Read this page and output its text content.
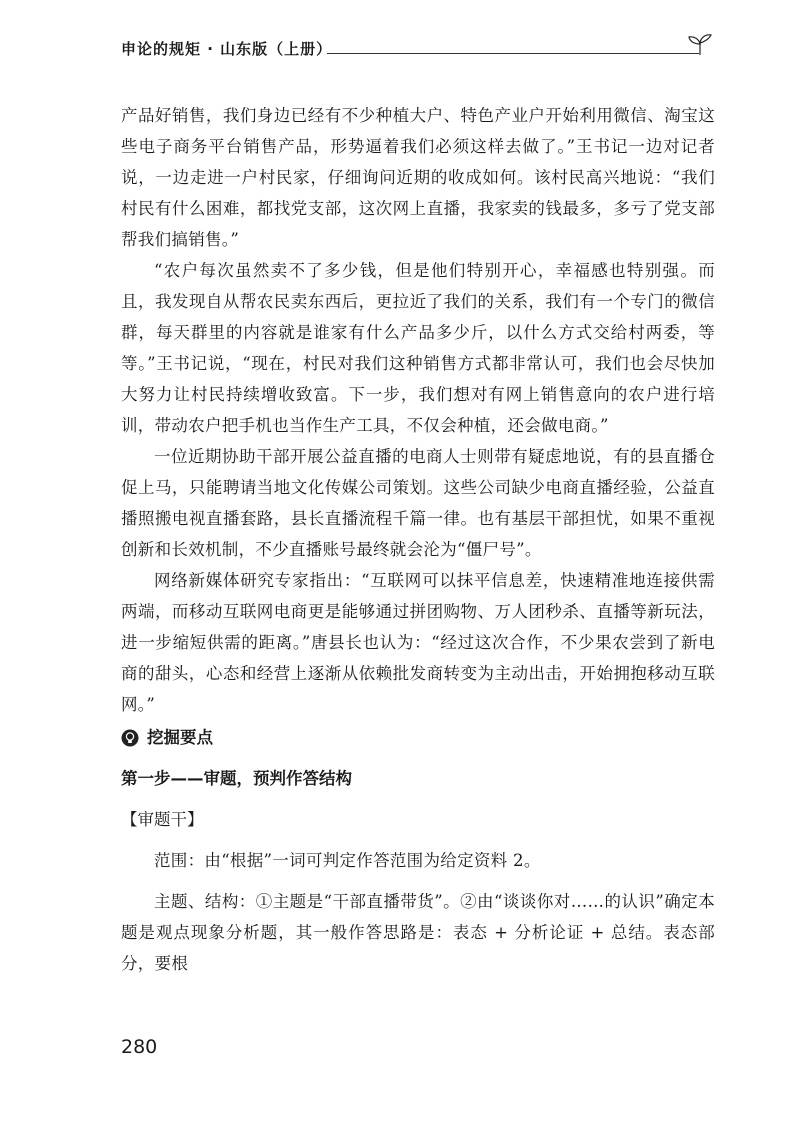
申论的规矩 · 山东版（上册）

产品好销售，我们身边已经有不少种植大户、特色产业户开始利用微信、淘宝这些电子商务平台销售产品，形势逼着我们必须这样去做了。”王书记一边对记者说，一边走进一户村民家，仔细询问近期的收成如何。该村民高兴地说：“我们村民有什么困难，都找党支部，这次网上直播，我家卖的钱最多，多亏了党支部帮我们搞销售。”

“农户每次虽然卖不了多少钱，但是他们特别开心，幸福感也特别强。而且，我发现自从帮农民卖东西后，更拉近了我们的关系，我们有一个专门的微信群，每天群里的内容就是谁家有什么产品多少斤，以什么方式交给村两委，等等。”王书记说，“现在，村民对我们这种销售方式都非常认可，我们也会尽快加大努力让村民持续增收致富。下一步，我们想对有网上销售意向的农户进行培训，带动农户把手机也当作生产工具，不仅会种植，还会做电商。”

一位近期协助干部开展公益直播的电商人士则带有疑虑地说，有的县直播仓促上马，只能聘请当地文化传媒公司策划。这些公司缺少电商直播经验，公益直播照搬电视直播套路，县长直播流程千篇一律。也有基层干部担忧，如果不重视创新和长效机制，不少直播账号最终就会沦为“僵尸号”。

网络新媒体研究专家指出：“互联网可以抹平信息差，快速精准地连接供需两端，而移动互联网电商更是能够通过拼团购物、万人团秒杀、直播等新玩法，进一步缩短供需的距离。”唐县长也认为：“经过这次合作，不少果农尝到了新电商的甜头，心态和经营上逐渐从依赖批发商转变为主动出击，开始拥抱移动互联网。”

挖掘要点
第一步——审题，预判作答结构
【审题干】

范围：由“根据”一词可判定作答范围为给定资料 2。

主题、结构：①主题是“干部直播带货”。②由“谈谈你对……的认识”确定本题是观点现象分析题，其一般作答思路是：表态 + 分析论证 + 总结。表态部分，要根

280
